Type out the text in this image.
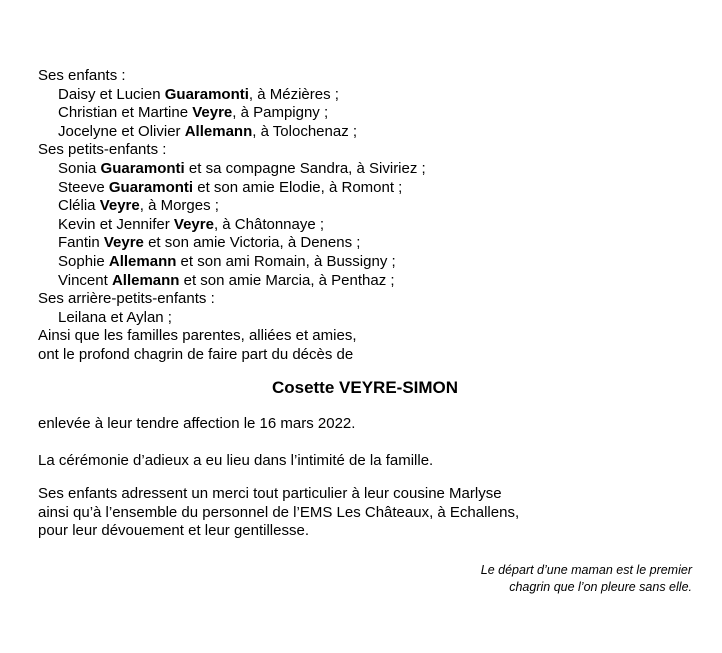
Ses enfants :
Daisy et Lucien Guaramonti, à Mézières ;
Christian et Martine Veyre, à Pampigny ;
Jocelyne et Olivier Allemann, à Tolochenaz ;
Ses petits-enfants :
Sonia Guaramonti et sa compagne Sandra, à Siviriez ;
Steeve Guaramonti et son amie Elodie, à Romont ;
Clélia Veyre, à Morges ;
Kevin et Jennifer Veyre, à Châtonnaye ;
Fantin Veyre et son amie Victoria, à Denens ;
Sophie Allemann et son ami Romain, à Bussigny ;
Vincent Allemann et son amie Marcia, à Penthaz ;
Ses arrière-petits-enfants :
Leilana et Aylan ;
Ainsi que les familles parentes, alliées et amies,
ont le profond chagrin de faire part du décès de
Cosette VEYRE-SIMON
enlevée à leur tendre affection le 16 mars 2022.
La cérémonie d’adieux a eu lieu dans l’intimité de la famille.
Ses enfants adressent un merci tout particulier à leur cousine Marlyse
ainsi qu’à l’ensemble du personnel de l’EMS Les Châteaux, à Echallens,
pour leur dévouement et leur gentillesse.
Le départ d’une maman est le premier
chagrin que l’on pleure sans elle.
